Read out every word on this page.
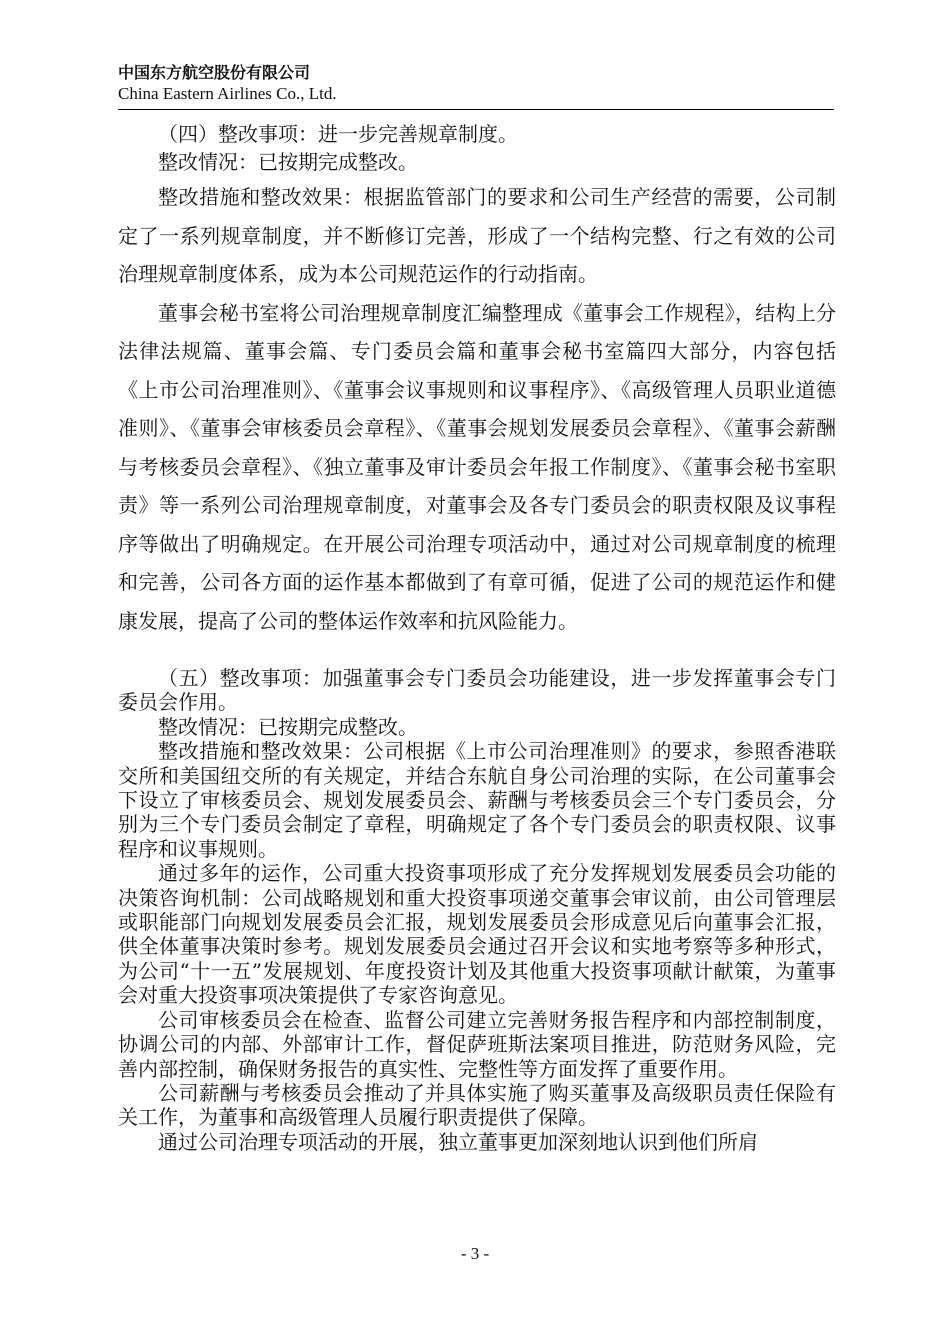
中国东方航空股份有限公司
China Eastern Airlines Co., Ltd.

（四）整改事项：进一步完善规章制度。

整改情况：已按期完成整改。

整改措施和整改效果：根据监管部门的要求和公司生产经营的需要，公司制定了一系列规章制度，并不断修订完善，形成了一个结构完整、行之有效的公司治理规章制度体系，成为本公司规范运作的行动指南。

董事会秘书室将公司治理规章制度汇编整理成《董事会工作规程》，结构上分法律法规篇、董事会篇、专门委员会篇和董事会秘书室篇四大部分，内容包括《上市公司治理准则》、《董事会议事规则和议事程序》、《高级管理人员职业道德准则》、《董事会审核委员会章程》、《董事会规划发展委员会章程》、《董事会薪酬与考核委员会章程》、《独立董事及审计委员会年报工作制度》、《董事会秘书室职责》等一系列公司治理规章制度，对董事会及各专门委员会的职责权限及议事程序等做出了明确规定。在开展公司治理专项活动中，通过对公司规章制度的梳理和完善，公司各方面的运作基本都做到了有章可循，促进了公司的规范运作和健康发展，提高了公司的整体运作效率和抗风险能力。

（五）整改事项：加强董事会专门委员会功能建设，进一步发挥董事会专门委员会作用。

整改情况：已按期完成整改。

整改措施和整改效果：公司根据《上市公司治理准则》的要求，参照香港联交所和美国纽交所的有关规定，并结合东航自身公司治理的实际，在公司董事会下设立了审核委员会、规划发展委员会、薪酬与考核委员会三个专门委员会，分别为三个专门委员会制定了章程，明确规定了各个专门委员会的职责权限、议事程序和议事规则。

通过多年的运作，公司重大投资事项形成了充分发挥规划发展委员会功能的决策咨询机制：公司战略规划和重大投资事项递交董事会审议前，由公司管理层或职能部门向规划发展委员会汇报，规划发展委员会形成意见后向董事会汇报，供全体董事决策时参考。规划发展委员会通过召开会议和实地考察等多种形式，为公司“十一五”发展规划、年度投资计划及其他重大投资事项献计献策，为董事会对重大投资事项决策提供了专家咨询意见。

公司审核委员会在检查、监督公司建立完善财务报告程序和内部控制制度，协调公司的内部、外部审计工作，督促萨班斯法案项目推进，防范财务风险，完善内部控制，确保财务报告的真实性、完整性等方面发挥了重要作用。

公司薪酬与考核委员会推动了并具体实施了购买董事及高级职员责任保险有关工作，为董事和高级管理人员履行职责提供了保障。

通过公司治理专项活动的开展，独立董事更加深刻地认识到他们所肩

- 3 -
